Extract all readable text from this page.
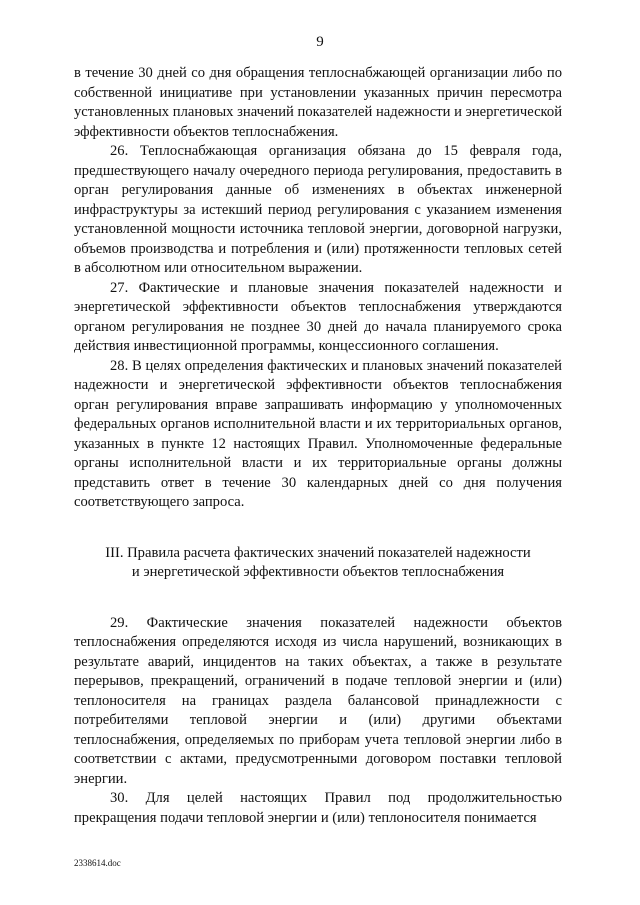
9

в течение 30 дней со дня обращения теплоснабжающей организации либо по собственной инициативе при установлении указанных причин пересмотра установленных плановых значений показателей надежности и энергетической эффективности объектов теплоснабжения.

26. Теплоснабжающая организация обязана до 15 февраля года, предшествующего началу очередного периода регулирования, предоставить в орган регулирования данные об изменениях в объектах инженерной инфраструктуры за истекший период регулирования с указанием изменения установленной мощности источника тепловой энергии, договорной нагрузки, объемов производства и потребления и (или) протяженности тепловых сетей в абсолютном или относительном выражении.

27. Фактические и плановые значения показателей надежности и энергетической эффективности объектов теплоснабжения утверждаются органом регулирования не позднее 30 дней до начала планируемого срока действия инвестиционной программы, концессионного соглашения.

28. В целях определения фактических и плановых значений показателей надежности и энергетической эффективности объектов теплоснабжения орган регулирования вправе запрашивать информацию у уполномоченных федеральных органов исполнительной власти и их территориальных органов, указанных в пункте 12 настоящих Правил. Уполномоченные федеральные органы исполнительной власти и их территориальные органы должны представить ответ в течение 30 календарных дней со дня получения соответствующего запроса.

III. Правила расчета фактических значений показателей надежности
и энергетической эффективности объектов теплоснабжения

29. Фактические значения показателей надежности объектов теплоснабжения определяются исходя из числа нарушений, возникающих в результате аварий, инцидентов на таких объектах, а также в результате перерывов, прекращений, ограничений в подаче тепловой энергии и (или) теплоносителя на границах раздела балансовой принадлежности с потребителями тепловой энергии и (или) другими объектами теплоснабжения, определяемых по приборам учета тепловой энергии либо в соответствии с актами, предусмотренными договором поставки тепловой энергии.

30. Для целей настоящих Правил под продолжительностью прекращения подачи тепловой энергии и (или) теплоносителя понимается

2338614.doc
